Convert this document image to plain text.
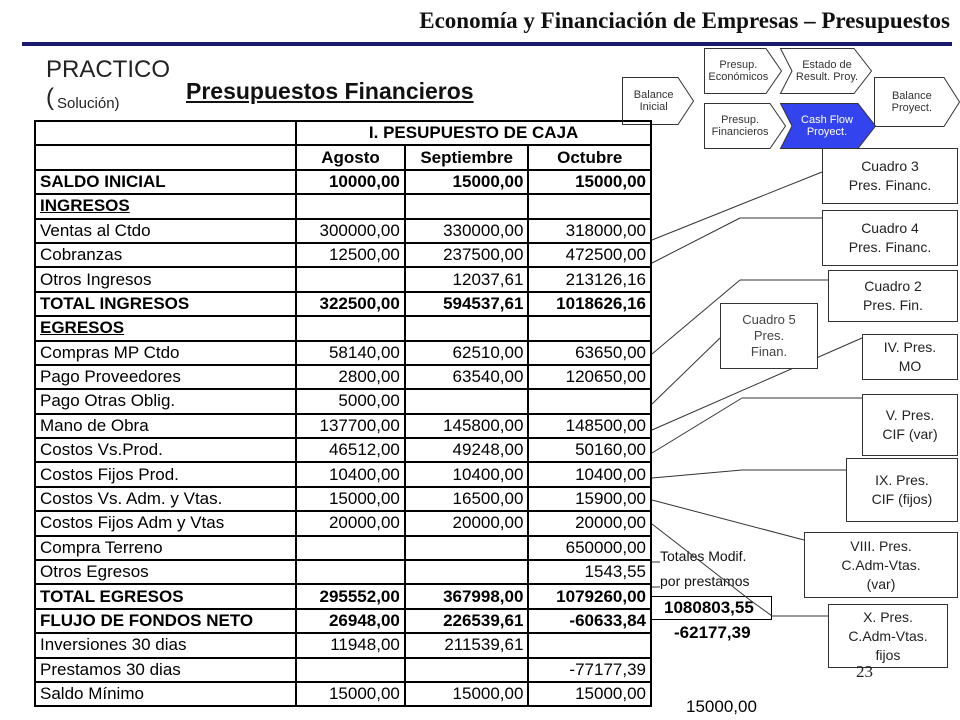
Economía y Financiación de Empresas – Presupuestos
PRACTICO
( Solución)	Presupuestos Financieros	Balance Inicial
Presup. Económicos
Estado de Result. Proy.
Balance Proyect.
Presup. Financieros
Cash Flow Proyect.
	I. PESUPUESTO DE CAJA		
	Agosto	Septiembre	Octubre
SALDO INICIAL	10000,00	15000,00	15000,00
INGRESOS			
Ventas al Ctdo	300000,00	330000,00	318000,00
Cobranzas	12500,00	237500,00	472500,00
Otros Ingresos		12037,61	213126,16
TOTAL INGRESOS	322500,00	594537,61	1018626,16
EGRESOS			
Compras MP Ctdo	58140,00	62510,00	63650,00
Pago Proveedores	2800,00	63540,00	120650,00
Pago Otras Oblig.	5000,00		
Mano de Obra	137700,00	145800,00	148500,00
Costos Vs.Prod.	46512,00	49248,00	50160,00
Costos Fijos Prod.	10400,00	10400,00	10400,00
Costos Vs. Adm. y Vtas.	15000,00	16500,00	15900,00
Costos Fijos Adm y Vtas	20000,00	20000,00	20000,00
Compra Terreno			650000,00
Otros Egresos			1543,55
TOTAL EGRESOS	295552,00	367998,00	1079260,00
FLUJO DE FONDOS NETO	26948,00	226539,61	-60633,84
Inversiones 30 dias	11948,00	211539,61	
Prestamos 30 dias			-77177,39
Saldo Mínimo	15000,00	15000,00	15000,00
1080803,55
-62177,39
15000,00
Totales Modif.
por prestamos
Cuadro 3
Pres. Financ.
Cuadro 4
Pres. Financ.
Cuadro 2
Pres. Fin.
Cuadro 5
Pres.
Finan.	IV. Pres.
MO
V. Pres.
CIF (var)
IX. Pres.
CIF (fijos)
VIII. Pres.
C.Adm-Vtas.
(var)
X. Pres.
C.Adm-Vtas.
fijos
23
